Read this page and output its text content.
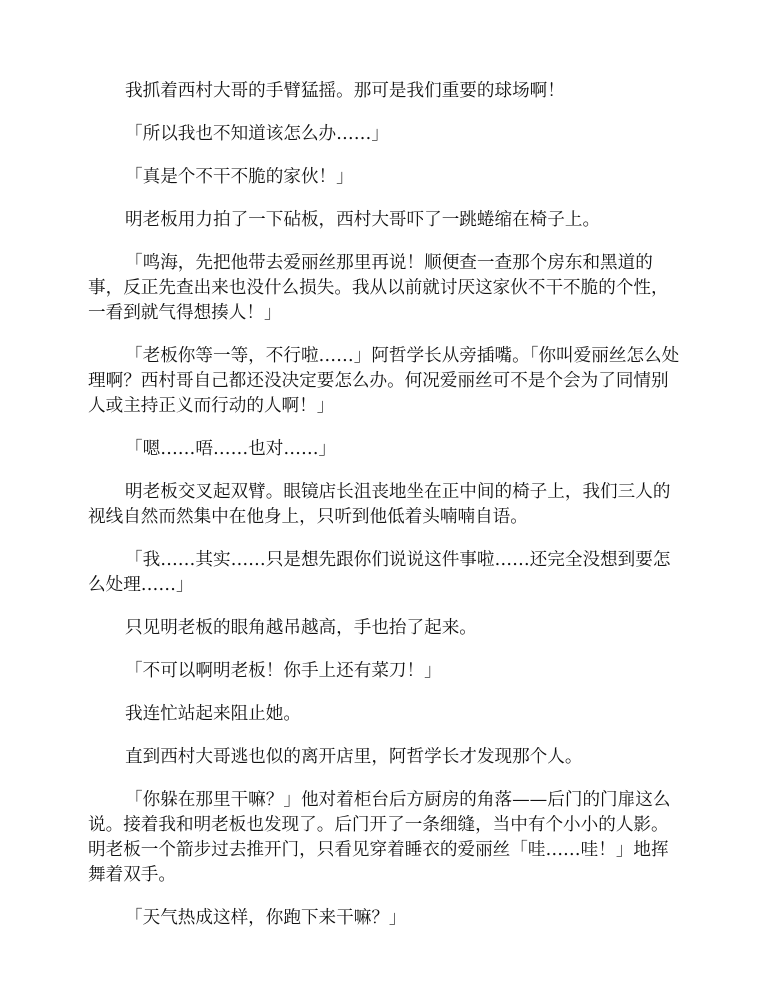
我抓着西村大哥的手臂猛摇。那可是我们重要的球场啊！

「所以我也不知道该怎么办……」

「真是个不干不脆的家伙！」

明老板用力拍了一下砧板，西村大哥吓了一跳蜷缩在椅子上。

「鸣海，先把他带去爱丽丝那里再说！顺便查一查那个房东和黑道的事，反正先查出来也没什么损失。我从以前就讨厌这家伙不干不脆的个性，一看到就气得想揍人！」

「老板你等一等，不行啦……」阿哲学长从旁插嘴。「你叫爱丽丝怎么处理啊？西村哥自己都还没决定要怎么办。何况爱丽丝可不是个会为了同情别人或主持正义而行动的人啊！」

「嗯……唔……也对……」

明老板交叉起双臂。眼镜店长沮丧地坐在正中间的椅子上，我们三人的视线自然而然集中在他身上，只听到他低着头喃喃自语。

「我……其实……只是想先跟你们说说这件事啦……还完全没想到要怎么处理……」

只见明老板的眼角越吊越高，手也抬了起来。

「不可以啊明老板！你手上还有菜刀！」

我连忙站起来阻止她。

直到西村大哥逃也似的离开店里，阿哲学长才发现那个人。

「你躲在那里干嘛？」他对着柜台后方厨房的角落——后门的门扉这么说。接着我和明老板也发现了。后门开了一条细缝，当中有个小小的人影。明老板一个箭步过去推开门，只看见穿着睡衣的爱丽丝「哇……哇！」地挥舞着双手。

「天气热成这样，你跑下来干嘛？」
